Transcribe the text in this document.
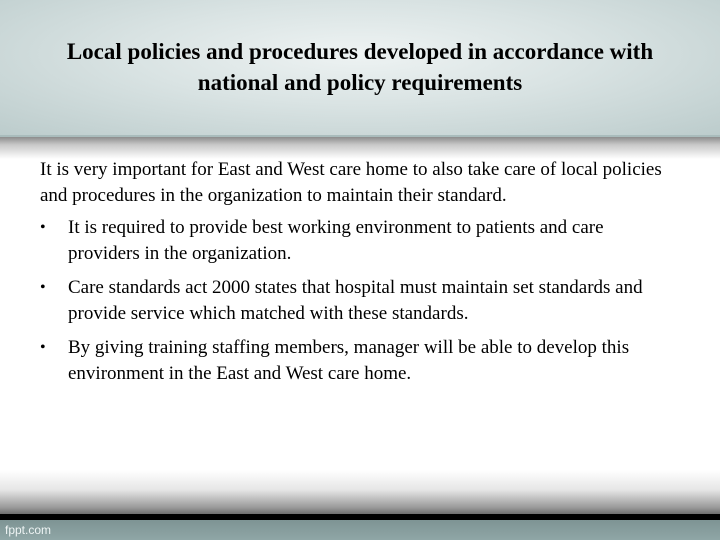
Local policies and procedures developed in accordance with national and policy requirements

It is very important for East and West care home to also take care of local policies and procedures in the organization to maintain their standard.

• It is required to provide best working environment to patients and care providers in the organization.
• Care standards act 2000 states that hospital must maintain set standards and provide service which matched with these standards.
• By giving training staffing members, manager will be able to develop this environment in the East and West care home.
fppt.com
